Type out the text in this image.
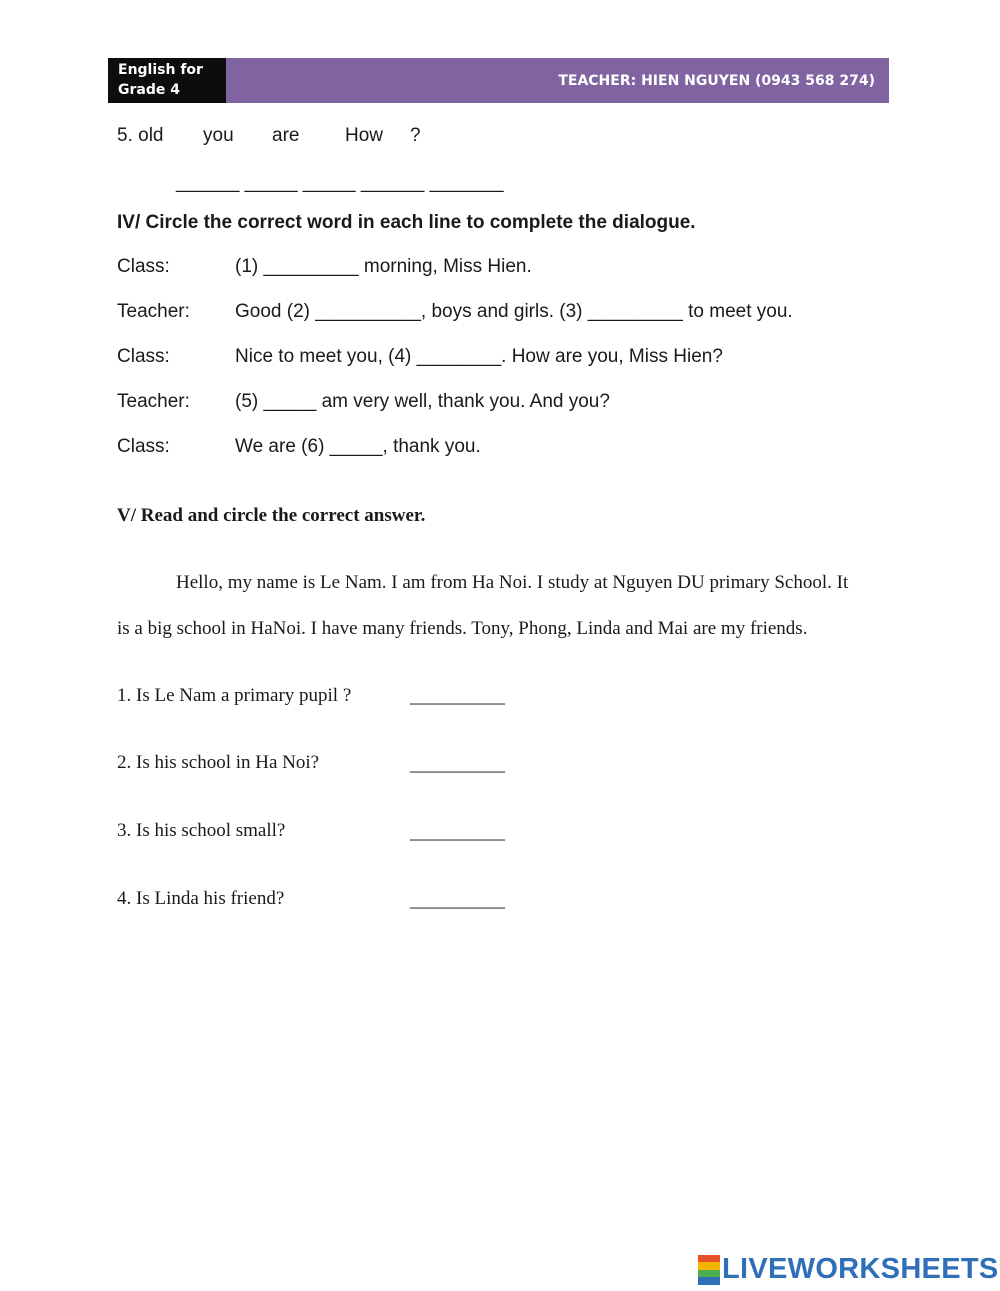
English for
Grade 4
TEACHER: HIEN NGUYEN (0943 568 274)
5. old you are How ?
______ _____ _____ ______ _______
IV/ Circle the correct word in each line to complete the dialogue.
Class:	(1) _________ morning, Miss Hien.
Teacher: Good (2) __________, boys and girls. (3) _________ to meet you.
Class:	Nice to meet you, (4) ________. How are you, Miss Hien?
Teacher: (5) _____ am very well, thank you. And you?
Class:	We are (6) _____, thank you.
V/ Read and circle the correct answer.
Hello, my name is Le Nam. I am from Ha Noi. I study at Nguyen DU primary School. It
is a big school in HaNoi. I have many friends. Tony, Phong, Linda and Mai are my friends.
1. Is Le Nam a primary pupil ?	__________
2. Is his school in Ha Noi?	__________
3. Is his school small?	__________
4. Is Linda his friend?	__________
LIVEWORKSHEETS
